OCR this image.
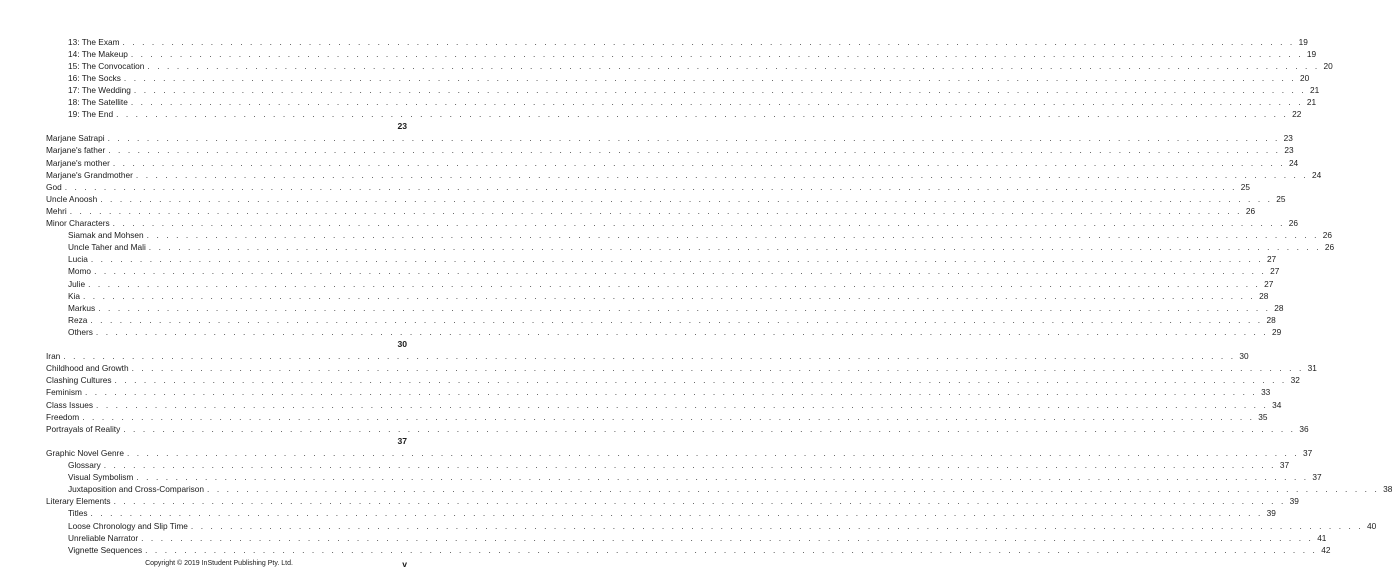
13: The Exam . . . . . . . . . . . . . . . . . . . . . . . . . . . . . . . . . . . . . . . . . . . . . . . . . . . . . . . . . . . . . . . . . . . . . . . . . . . . . . . . . . . . . . . . . . . . . . . . . . . . . . . . . . . . . . . . . . . . . . . . 19
14: The Makeup . . . . . . . . . . . . . . . . . . . . . . . . . . . . . . . . . . . . . . . . . . . . . . . . . . . . . . . . . . . . . . . . . . . . . . . . . . . . . . . . . . . . . . . . . . . . . . . . . . . . . . . . . . . . . . . . . . . . . . . . 19
15: The Convocation . . . . . . . . . . . . . . . . . . . . . . . . . . . . . . . . . . . . . . . . . . . . . . . . . . . . . . . . . . . . . . . . . . . . . . . . . . . . . . . . . . . . . . . . . . . . . . . . . . . . . . . . . . . . . . . . . . . . . . . . 20
16: The Socks . . . . . . . . . . . . . . . . . . . . . . . . . . . . . . . . . . . . . . . . . . . . . . . . . . . . . . . . . . . . . . . . . . . . . . . . . . . . . . . . . . . . . . . . . . . . . . . . . . . . . . . . . . . . . . . . . . . . . . . . 20
17: The Wedding . . . . . . . . . . . . . . . . . . . . . . . . . . . . . . . . . . . . . . . . . . . . . . . . . . . . . . . . . . . . . . . . . . . . . . . . . . . . . . . . . . . . . . . . . . . . . . . . . . . . . . . . . . . . . . . . . . . . . . . . 21
18: The Satellite . . . . . . . . . . . . . . . . . . . . . . . . . . . . . . . . . . . . . . . . . . . . . . . . . . . . . . . . . . . . . . . . . . . . . . . . . . . . . . . . . . . . . . . . . . . . . . . . . . . . . . . . . . . . . . . . . . . . . . . . 21
19: The End . . . . . . . . . . . . . . . . . . . . . . . . . . . . . . . . . . . . . . . . . . . . . . . . . . . . . . . . . . . . . . . . . . . . . . . . . . . . . . . . . . . . . . . . . . . . . . . . . . . . . . . . . . . . . . . . . . . . . . . . 22
23
Marjane Satrapi . . . . . . . . . . . . . . . . . . . . . . . . . . . . . . . . . . . . . . . . . . . . . . . . . . . . . . . . . . . . . . . . . . . . . . . . . . . . . . . . . . . . . . . . . . . . . . . . . . . . . . . . . . . . . . . . . . . . . . . . 23
Marjane's father . . . . . . . . . . . . . . . . . . . . . . . . . . . . . . . . . . . . . . . . . . . . . . . . . . . . . . . . . . . . . . . . . . . . . . . . . . . . . . . . . . . . . . . . . . . . . . . . . . . . . . . . . . . . . . . . . . . . . . . . 23
Marjane's mother . . . . . . . . . . . . . . . . . . . . . . . . . . . . . . . . . . . . . . . . . . . . . . . . . . . . . . . . . . . . . . . . . . . . . . . . . . . . . . . . . . . . . . . . . . . . . . . . . . . . . . . . . . . . . . . . . . . . . . . . 24
Marjane's Grandmother . . . . . . . . . . . . . . . . . . . . . . . . . . . . . . . . . . . . . . . . . . . . . . . . . . . . . . . . . . . . . . . . . . . . . . . . . . . . . . . . . . . . . . . . . . . . . . . . . . . . . . . . . . . . . . . . . . . . . . . . 24
God . . . . . . . . . . . . . . . . . . . . . . . . . . . . . . . . . . . . . . . . . . . . . . . . . . . . . . . . . . . . . . . . . . . . . . . . . . . . . . . . . . . . . . . . . . . . . . . . . . . . . . . . . . . . . . . . . . . . . . . . 25
Uncle Anoosh . . . . . . . . . . . . . . . . . . . . . . . . . . . . . . . . . . . . . . . . . . . . . . . . . . . . . . . . . . . . . . . . . . . . . . . . . . . . . . . . . . . . . . . . . . . . . . . . . . . . . . . . . . . . . . . . . . . . . . . . 25
Mehri . . . . . . . . . . . . . . . . . . . . . . . . . . . . . . . . . . . . . . . . . . . . . . . . . . . . . . . . . . . . . . . . . . . . . . . . . . . . . . . . . . . . . . . . . . . . . . . . . . . . . . . . . . . . . . . . . . . . . . . . 26
Minor Characters . . . . . . . . . . . . . . . . . . . . . . . . . . . . . . . . . . . . . . . . . . . . . . . . . . . . . . . . . . . . . . . . . . . . . . . . . . . . . . . . . . . . . . . . . . . . . . . . . . . . . . . . . . . . . . . . . . . . . . . . 26
Siamak and Mohsen . . . . . . . . . . . . . . . . . . . . . . . . . . . . . . . . . . . . . . . . . . . . . . . . . . . . . . . . . . . . . . . . . . . . . . . . . . . . . . . . . . . . . . . . . . . . . . . . . . . . . . . . . . . . . . . . . . . . . . . . 26
Uncle Taher and Mali . . . . . . . . . . . . . . . . . . . . . . . . . . . . . . . . . . . . . . . . . . . . . . . . . . . . . . . . . . . . . . . . . . . . . . . . . . . . . . . . . . . . . . . . . . . . . . . . . . . . . . . . . . . . . . . . . . . . . . . . 26
Lucia . . . . . . . . . . . . . . . . . . . . . . . . . . . . . . . . . . . . . . . . . . . . . . . . . . . . . . . . . . . . . . . . . . . . . . . . . . . . . . . . . . . . . . . . . . . . . . . . . . . . . . . . . . . . . . . . . . . . . . . . 27
Momo . . . . . . . . . . . . . . . . . . . . . . . . . . . . . . . . . . . . . . . . . . . . . . . . . . . . . . . . . . . . . . . . . . . . . . . . . . . . . . . . . . . . . . . . . . . . . . . . . . . . . . . . . . . . . . . . . . . . . . . . 27
Julie . . . . . . . . . . . . . . . . . . . . . . . . . . . . . . . . . . . . . . . . . . . . . . . . . . . . . . . . . . . . . . . . . . . . . . . . . . . . . . . . . . . . . . . . . . . . . . . . . . . . . . . . . . . . . . . . . . . . . . . . 27
Kia . . . . . . . . . . . . . . . . . . . . . . . . . . . . . . . . . . . . . . . . . . . . . . . . . . . . . . . . . . . . . . . . . . . . . . . . . . . . . . . . . . . . . . . . . . . . . . . . . . . . . . . . . . . . . . . . . . . . . . . . 28
Markus . . . . . . . . . . . . . . . . . . . . . . . . . . . . . . . . . . . . . . . . . . . . . . . . . . . . . . . . . . . . . . . . . . . . . . . . . . . . . . . . . . . . . . . . . . . . . . . . . . . . . . . . . . . . . . . . . . . . . . . . 28
Reza . . . . . . . . . . . . . . . . . . . . . . . . . . . . . . . . . . . . . . . . . . . . . . . . . . . . . . . . . . . . . . . . . . . . . . . . . . . . . . . . . . . . . . . . . . . . . . . . . . . . . . . . . . . . . . . . . . . . . . . . 28
Others . . . . . . . . . . . . . . . . . . . . . . . . . . . . . . . . . . . . . . . . . . . . . . . . . . . . . . . . . . . . . . . . . . . . . . . . . . . . . . . . . . . . . . . . . . . . . . . . . . . . . . . . . . . . . . . . . . . . . . . . 29
30
Iran . . . . . . . . . . . . . . . . . . . . . . . . . . . . . . . . . . . . . . . . . . . . . . . . . . . . . . . . . . . . . . . . . . . . . . . . . . . . . . . . . . . . . . . . . . . . . . . . . . . . . . . . . . . . . . . . . . . . . . . . 30
Childhood and Growth . . . . . . . . . . . . . . . . . . . . . . . . . . . . . . . . . . . . . . . . . . . . . . . . . . . . . . . . . . . . . . . . . . . . . . . . . . . . . . . . . . . . . . . . . . . . . . . . . . . . . . . . . . . . . . . . . . . . . . . . 31
Clashing Cultures . . . . . . . . . . . . . . . . . . . . . . . . . . . . . . . . . . . . . . . . . . . . . . . . . . . . . . . . . . . . . . . . . . . . . . . . . . . . . . . . . . . . . . . . . . . . . . . . . . . . . . . . . . . . . . . . . . . . . . . . 32
Feminism . . . . . . . . . . . . . . . . . . . . . . . . . . . . . . . . . . . . . . . . . . . . . . . . . . . . . . . . . . . . . . . . . . . . . . . . . . . . . . . . . . . . . . . . . . . . . . . . . . . . . . . . . . . . . . . . . . . . . . . . 33
Class Issues . . . . . . . . . . . . . . . . . . . . . . . . . . . . . . . . . . . . . . . . . . . . . . . . . . . . . . . . . . . . . . . . . . . . . . . . . . . . . . . . . . . . . . . . . . . . . . . . . . . . . . . . . . . . . . . . . . . . . . . . 34
Freedom . . . . . . . . . . . . . . . . . . . . . . . . . . . . . . . . . . . . . . . . . . . . . . . . . . . . . . . . . . . . . . . . . . . . . . . . . . . . . . . . . . . . . . . . . . . . . . . . . . . . . . . . . . . . . . . . . . . . . . . . 35
Portrayals of Reality . . . . . . . . . . . . . . . . . . . . . . . . . . . . . . . . . . . . . . . . . . . . . . . . . . . . . . . . . . . . . . . . . . . . . . . . . . . . . . . . . . . . . . . . . . . . . . . . . . . . . . . . . . . . . . . . . . . . . . . . 36
37
Graphic Novel Genre . . . . . . . . . . . . . . . . . . . . . . . . . . . . . . . . . . . . . . . . . . . . . . . . . . . . . . . . . . . . . . . . . . . . . . . . . . . . . . . . . . . . . . . . . . . . . . . . . . . . . . . . . . . . . . . . . . . . . . . . 37
Glossary . . . . . . . . . . . . . . . . . . . . . . . . . . . . . . . . . . . . . . . . . . . . . . . . . . . . . . . . . . . . . . . . . . . . . . . . . . . . . . . . . . . . . . . . . . . . . . . . . . . . . . . . . . . . . . . . . . . . . . . . 37
Visual Symbolism . . . . . . . . . . . . . . . . . . . . . . . . . . . . . . . . . . . . . . . . . . . . . . . . . . . . . . . . . . . . . . . . . . . . . . . . . . . . . . . . . . . . . . . . . . . . . . . . . . . . . . . . . . . . . . . . . . . . . . . . 37
Juxtaposition and Cross-Comparison . . . . . . . . . . . . . . . . . . . . . . . . . . . . . . . . . . . . . . . . . . . . . . . . . . . . . . . . . . . . . . . . . . . . . . . . . . . . . . . . . . . . . . . . . . . . . . . . . . . . . . . . . . . . . . . . . . . . . . . . 38
Literary Elements . . . . . . . . . . . . . . . . . . . . . . . . . . . . . . . . . . . . . . . . . . . . . . . . . . . . . . . . . . . . . . . . . . . . . . . . . . . . . . . . . . . . . . . . . . . . . . . . . . . . . . . . . . . . . . . . . . . . . . . . 39
Titles . . . . . . . . . . . . . . . . . . . . . . . . . . . . . . . . . . . . . . . . . . . . . . . . . . . . . . . . . . . . . . . . . . . . . . . . . . . . . . . . . . . . . . . . . . . . . . . . . . . . . . . . . . . . . . . . . . . . . . . . 39
Loose Chronology and Slip Time . . . . . . . . . . . . . . . . . . . . . . . . . . . . . . . . . . . . . . . . . . . . . . . . . . . . . . . . . . . . . . . . . . . . . . . . . . . . . . . . . . . . . . . . . . . . . . . . . . . . . . . . . . . . . . . . . . . . . . . . 40
Unreliable Narrator . . . . . . . . . . . . . . . . . . . . . . . . . . . . . . . . . . . . . . . . . . . . . . . . . . . . . . . . . . . . . . . . . . . . . . . . . . . . . . . . . . . . . . . . . . . . . . . . . . . . . . . . . . . . . . . . . . . . . . . . 41
Vignette Sequences . . . . . . . . . . . . . . . . . . . . . . . . . . . . . . . . . . . . . . . . . . . . . . . . . . . . . . . . . . . . . . . . . . . . . . . . . . . . . . . . . . . . . . . . . . . . . . . . . . . . . . . . . . . . . . . . . . . . . . . . 42
Copyright © 2019 InStudent Publishing Pty. Ltd.	v
